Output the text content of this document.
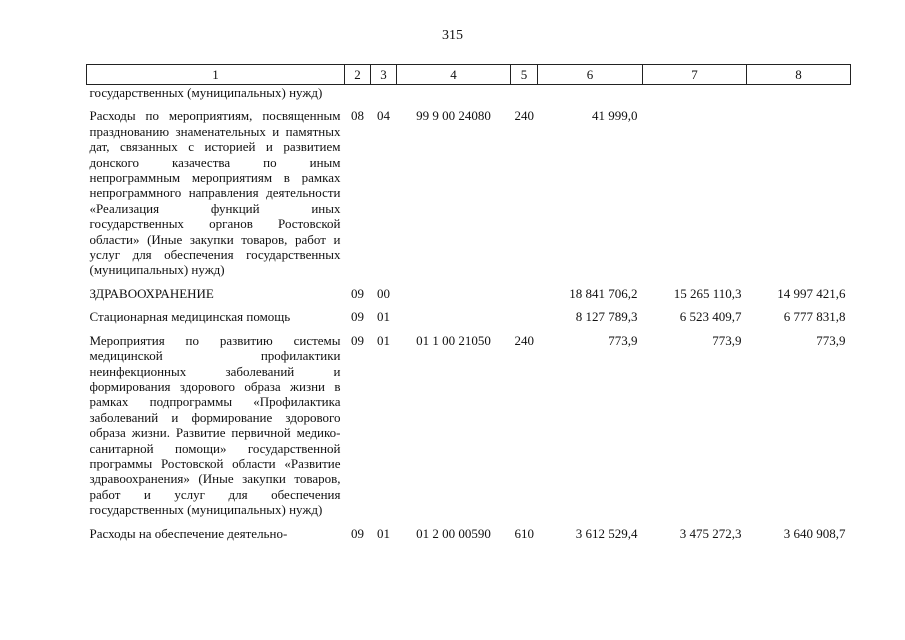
315
1	2	3	4	5	6	7	8
государственных (муниципальных) нужд)							
Расходы по мероприятиям, посвященным празднованию знаменательных и памятных дат, связанных с историей и развитием донского казачества по иным непрограммным мероприятиям в рамках непрограммного направления деятельности «Реализация функций иных государственных органов Ростовской области» (Иные закупки товаров, работ и услуг для обеспечения государственных (муниципальных) нужд)	08	04	99 9 00 24080	240	41 999,0		
ЗДРАВООХРАНЕНИЕ	09	00			18 841 706,2	15 265 110,3	14 997 421,6
Стационарная медицинская помощь	09	01			8 127 789,3	6 523 409,7	6 777 831,8
Мероприятия по развитию системы медицинской профилактики неинфекционных заболеваний и формирования здорового образа жизни в рамках подпрограммы «Профилактика заболеваний и формирование здорового образа жизни. Развитие первичной медико-санитарной помощи» государственной программы Ростовской области «Развитие здравоохранения» (Иные закупки товаров, работ и услуг для обеспечения государственных (муниципальных) нужд)	09	01	01 1 00 21050	240	773,9	773,9	773,9
Расходы на обеспечение деятельно-	09	01	01 2 00 00590	610	3 612 529,4	3 475 272,3	3 640 908,7
